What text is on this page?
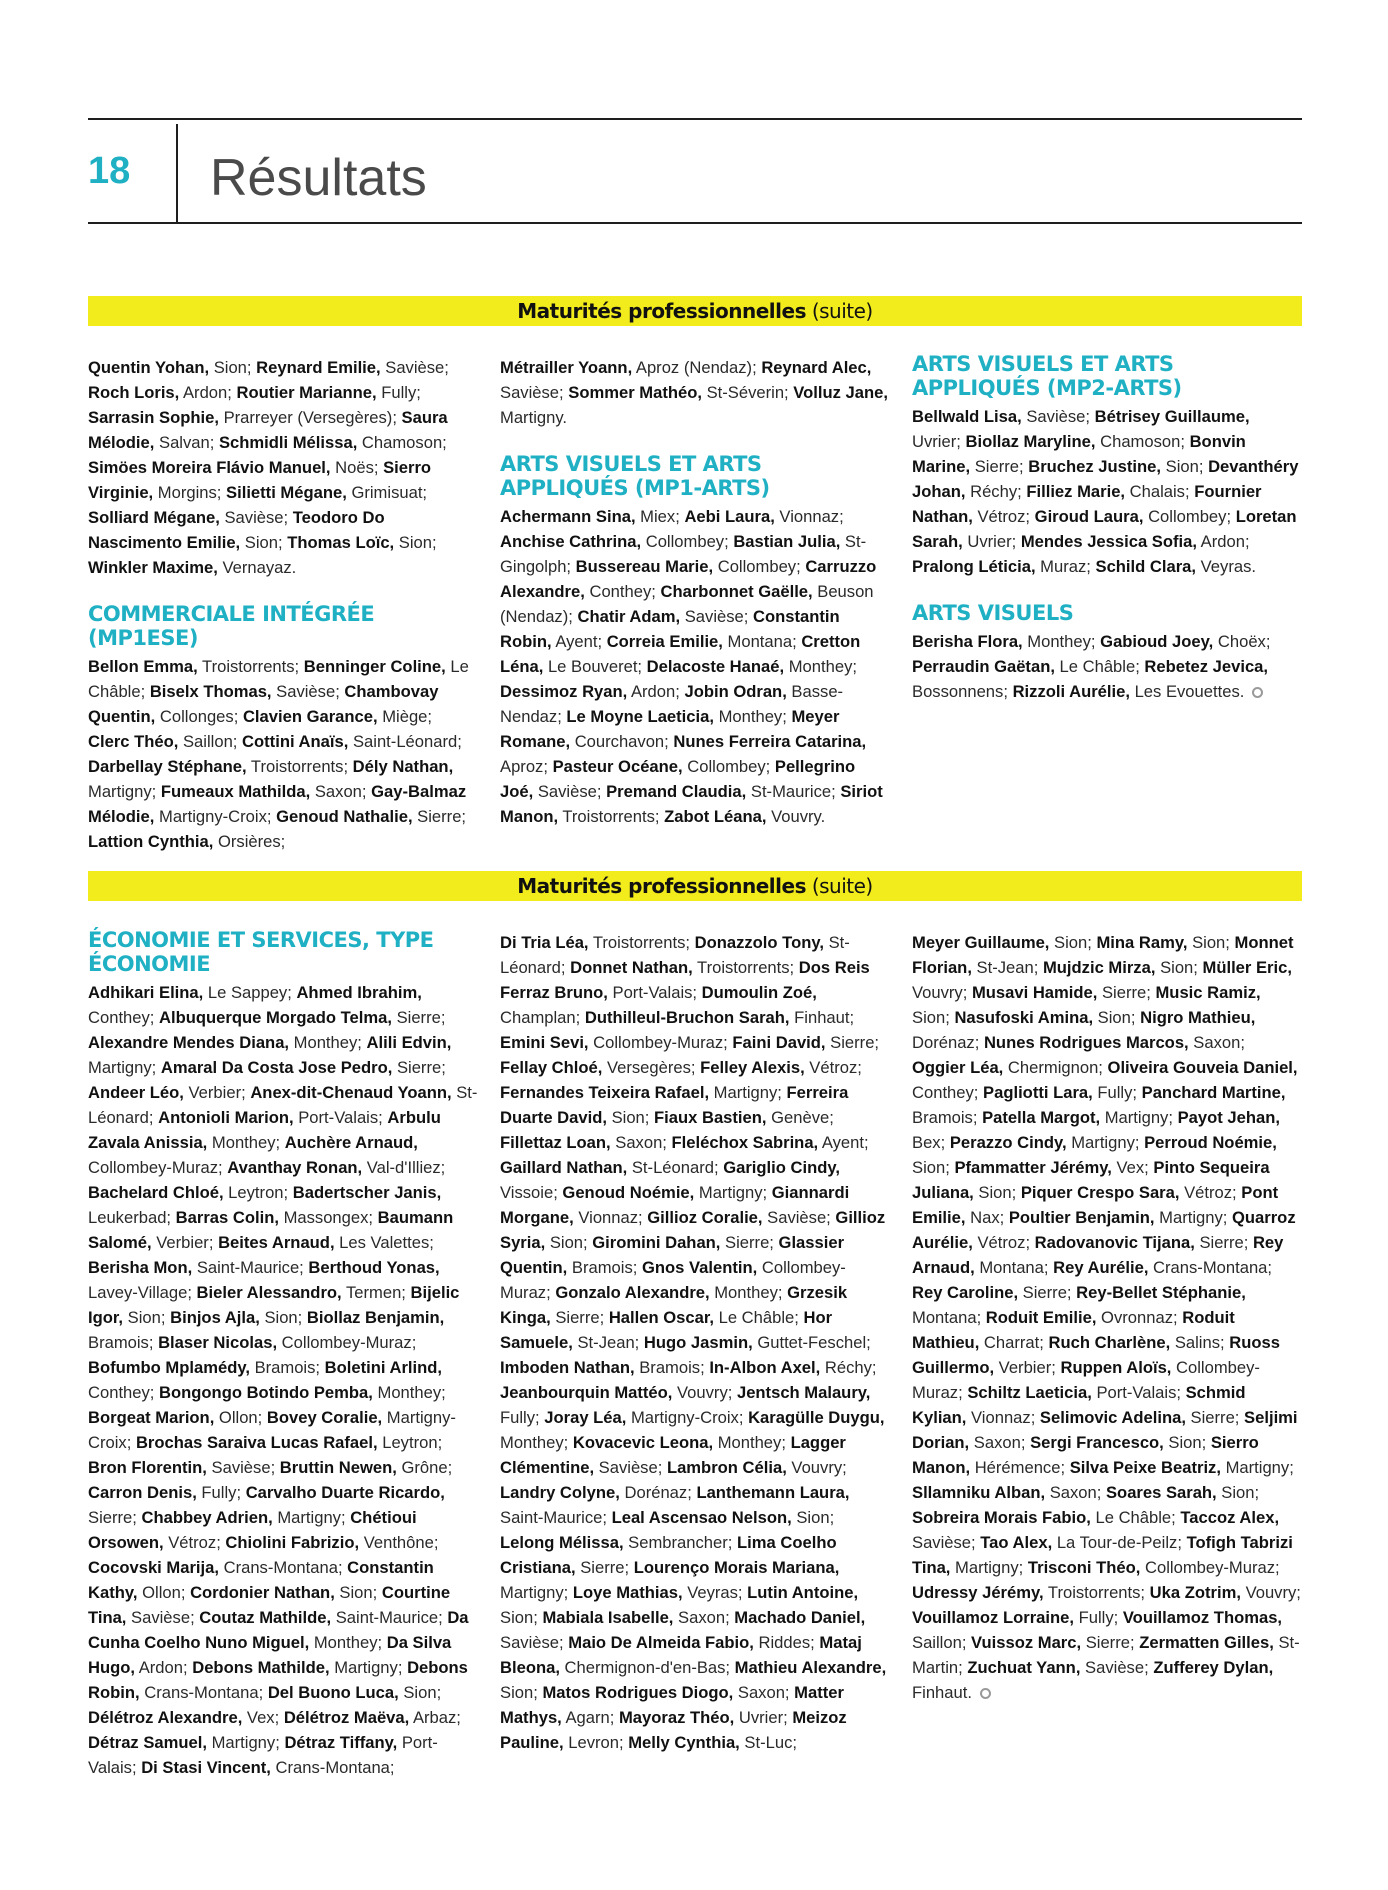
18 Résultats
Maturités professionnelles (suite)

Quentin Yohan, Sion; Reynard Emilie, Savièse; Roch Loris, Ardon; Routier Marianne, Fully; Sarrasin Sophie, Prarreyer (Versegères); Saura Mélodie, Salvan; Schmidli Mélissa, Chamoson; Simöes Moreira Flávio Manuel, Noës; Sierro Virginie, Morgins; Silietti Mégane, Grimisuat; Solliard Mégane, Savièse; Teodoro Do Nascimento Emilie, Sion; Thomas Loïc, Sion; Winkler Maxime, Vernayaz.

COMMERCIALE INTÉGRÉE (MP1ESE)

Bellon Emma, Troistorrents; Benninger Coline, Le Châble; Biselx Thomas, Savièse; Chambovay Quentin, Collonges; Clavien Garance, Miège; Clerc Théo, Saillon; Cottini Anaïs, Saint-Léonard; Darbellay Stéphane, Troistorrents; Dély Nathan, Martigny; Fumeaux Mathilda, Saxon; Gay-Balmaz Mélodie, Martigny-Croix; Genoud Nathalie, Sierre; Lattion Cynthia, Orsières;

Métrailler Yoann, Aproz (Nendaz); Reynard Alec, Savièse; Sommer Mathéo, St-Séverin; Volluz Jane, Martigny.

ARTS VISUELS ET ARTS APPLIQUÉS (MP1-ARTS)

Achermann Sina, Miex; Aebi Laura, Vionnaz; Anchise Cathrina, Collombey; Bastian Julia, St-Gingolph; Bussereau Marie, Collombey; Carruzzo Alexandre, Conthey; Charbonnet Gaëlle, Beuson (Nendaz); Chatir Adam, Savièse; Constantin Robin, Ayent; Correia Emilie, Montana; Cretton Léna, Le Bouveret; Delacoste Hanaé, Monthey; Dessimoz Ryan, Ardon; Jobin Odran, Basse-Nendaz; Le Moyne Laeticia, Monthey; Meyer Romane, Courchavon; Nunes Ferreira Catarina, Aproz; Pasteur Océane, Collombey; Pellegrino Joé, Savièse; Premand Claudia, St-Maurice; Siriot Manon, Troistorrents; Zabot Léana, Vouvry.

ARTS VISUELS ET ARTS APPLIQUÉS (MP2-ARTS)

Bellwald Lisa, Savièse; Bétrisey Guillaume, Uvrier; Biollaz Maryline, Chamoson; Bonvin Marine, Sierre; Bruchez Justine, Sion; Devanthéry Johan, Réchy; Filliez Marie, Chalais; Fournier Nathan, Vétroz; Giroud Laura, Collombey; Loretan Sarah, Uvrier; Mendes Jessica Sofia, Ardon; Pralong Léticia, Muraz; Schild Clara, Veyras.

ARTS VISUELS

Berisha Flora, Monthey; Gabioud Joey, Choëx; Perraudin Gaëtan, Le Châble; Rebetez Jevica, Bossonnens; Rizzoli Aurélie, Les Evouettes.

Maturités professionnelles (suite)
ÉCONOMIE ET SERVICES, TYPE ÉCONOMIE

Adhikari Elina, Le Sappey; Ahmed Ibrahim, Conthey; Albuquerque Morgado Telma, Sierre; Alexandre Mendes Diana, Monthey; Alili Edvin, Martigny; Amaral Da Costa Jose Pedro, Sierre; Andeer Léo, Verbier; Anex-dit-Chenaud Yoann, St-Léonard; Antonioli Marion, Port-Valais; Arbulu Zavala Anissia, Monthey; Auchère Arnaud, Collombey-Muraz; Avanthay Ronan, Val-d'Illiez; Bachelard Chloé, Leytron; Badertscher Janis, Leukerbad; Barras Colin, Massongex; Baumann Salomé, Verbier; Beites Arnaud, Les Valettes; Berisha Mon, Saint-Maurice; Berthoud Yonas, Lavey-Village; Bieler Alessandro, Termen; Bijelic Igor, Sion; Binjos Ajla, Sion; Biollaz Benjamin, Bramois; Blaser Nicolas, Collombey-Muraz; Bofumbo Mplamédy, Bramois; Boletini Arlind, Conthey; Bongongo Botindo Pemba, Monthey; Borgeat Marion, Ollon; Bovey Coralie, Martigny-Croix; Brochas Saraiva Lucas Rafael, Leytron; Bron Florentin, Savièse; Bruttin Newen, Grône; Carron Denis, Fully; Carvalho Duarte Ricardo, Sierre; Chabbey Adrien, Martigny; Chétioui Orsowen, Vétroz; Chiolini Fabrizio, Venthône; Cocovski Marija, Crans-Montana; Constantin Kathy, Ollon; Cordonier Nathan, Sion; Courtine Tina, Savièse; Coutaz Mathilde, Saint-Maurice; Da Cunha Coelho Nuno Miguel, Monthey; Da Silva Hugo, Ardon; Debons Mathilde, Martigny; Debons Robin, Crans-Montana; Del Buono Luca, Sion; Délétroz Alexandre, Vex; Délétroz Maëva, Arbaz; Détraz Samuel, Martigny; Détraz Tiffany, Port-Valais; Di Stasi Vincent, Crans-Montana;

Di Tria Léa, Troistorrents; Donazzolo Tony, St-Léonard; Donnet Nathan, Troistorrents; Dos Reis Ferraz Bruno, Port-Valais; Dumoulin Zoé, Champlan; Duthilleul-Bruchon Sarah, Finhaut; Emini Sevi, Collombey-Muraz; Faini David, Sierre; Fellay Chloé, Versegères; Felley Alexis, Vétroz; Fernandes Teixeira Rafael, Martigny; Ferreira Duarte David, Sion; Fiaux Bastien, Genève; Fillettaz Loan, Saxon; Fleléchox Sabrina, Ayent; Gaillard Nathan, St-Léonard; Gariglio Cindy, Vissoie; Genoud Noémie, Martigny; Giannardi Morgane, Vionnaz; Gillioz Coralie, Savièse; Gillioz Syria, Sion; Giromini Dahan, Sierre; Glassier Quentin, Bramois; Gnos Valentin, Collombey-Muraz; Gonzalo Alexandre, Monthey; Grzesik Kinga, Sierre; Hallen Oscar, Le Châble; Hor Samuele, St-Jean; Hugo Jasmin, Guttet-Feschel; Imboden Nathan, Bramois; In-Albon Axel, Réchy; Jeanbourquin Mattéo, Vouvry; Jentsch Malaury, Fully; Joray Léa, Martigny-Croix; Karagülle Duygu, Monthey; Kovacevic Leona, Monthey; Lagger Clémentine, Savièse; Lambron Célia, Vouvry; Landry Colyne, Dorénaz; Lanthemann Laura, Saint-Maurice; Leal Ascensao Nelson, Sion; Lelong Mélissa, Sembrancher; Lima Coelho Cristiana, Sierre; Lourenço Morais Mariana, Martigny; Loye Mathias, Veyras; Lutin Antoine, Sion; Mabiala Isabelle, Saxon; Machado Daniel, Savièse; Maio De Almeida Fabio, Riddes; Mataj Bleona, Chermignon-d'en-Bas; Mathieu Alexandre, Sion; Matos Rodrigues Diogo, Saxon; Matter Mathys, Agarn; Mayoraz Théo, Uvrier; Meizoz Pauline, Levron; Melly Cynthia, St-Luc;

Meyer Guillaume, Sion; Mina Ramy, Sion; Monnet Florian, St-Jean; Mujdzic Mirza, Sion; Müller Eric, Vouvry; Musavi Hamide, Sierre; Music Ramiz, Sion; Nasufoski Amina, Sion; Nigro Mathieu, Dorénaz; Nunes Rodrigues Marcos, Saxon; Oggier Léa, Chermignon; Oliveira Gouveia Daniel, Conthey; Pagliotti Lara, Fully; Panchard Martine, Bramois; Patella Margot, Martigny; Payot Jehan, Bex; Perazzo Cindy, Martigny; Perroud Noémie, Sion; Pfammatter Jérémy, Vex; Pinto Sequeira Juliana, Sion; Piquer Crespo Sara, Vétroz; Pont Emilie, Nax; Poultier Benjamin, Martigny; Quarroz Aurélie, Vétroz; Radovanovic Tijana, Sierre; Rey Arnaud, Montana; Rey Aurélie, Crans-Montana; Rey Caroline, Sierre; Rey-Bellet Stéphanie, Montana; Roduit Emilie, Ovronnaz; Roduit Mathieu, Charrat; Ruch Charlène, Salins; Ruoss Guillermo, Verbier; Ruppen Aloïs, Collombey-Muraz; Schiltz Laeticia, Port-Valais; Schmid Kylian, Vionnaz; Selimovic Adelina, Sierre; Seljimi Dorian, Saxon; Sergi Francesco, Sion; Sierro Manon, Hérémence; Silva Peixe Beatriz, Martigny; Sllamniku Alban, Saxon; Soares Sarah, Sion; Sobreira Morais Fabio, Le Châble; Taccoz Alex, Savièse; Tao Alex, La Tour-de-Peilz; Tofigh Tabrizi Tina, Martigny; Trisconi Théo, Collombey-Muraz; Udressy Jérémy, Troistorrents; Uka Zotrim, Vouvry; Vouillamoz Lorraine, Fully; Vouillamoz Thomas, Saillon; Vuissoz Marc, Sierre; Zermatten Gilles, St-Martin; Zuchuat Yann, Savièse; Zufferey Dylan, Finhaut.
